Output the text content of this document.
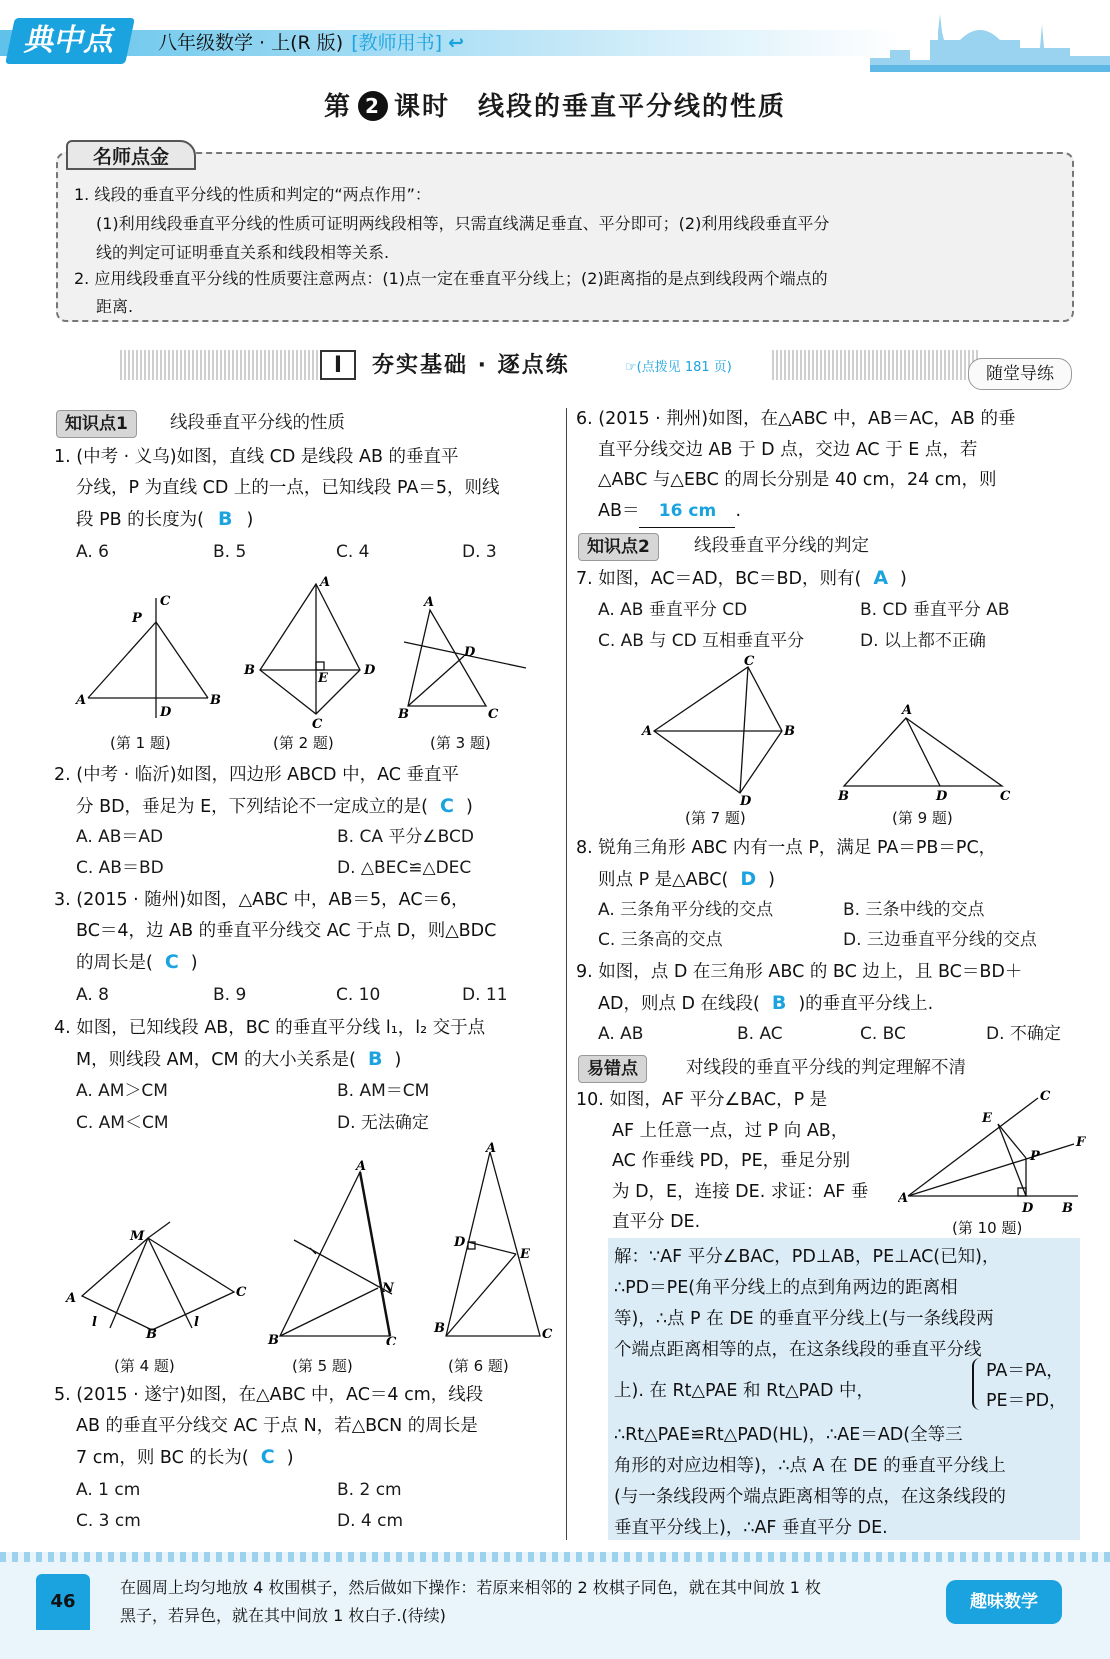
典中点	八年级数学 · 上(R 版) [教师用书] ↩
第 2 课时　线段的垂直平分线的性质
名师点金
1. 线段的垂直平分线的性质和判定的“两点作用”：
(1)利用线段垂直平分线的性质可证明两线段相等，只需直线满足垂直、平分即可；(2)利用线段垂直平分
线的判定可证明垂直关系和线段相等关系.
2. 应用线段垂直平分线的性质要注意两点：(1)点一定在垂直平分线上；(2)距离指的是点到线段两个端点的
距离.
I	夯实基础 · 逐点练	☞(点拨见 181 页)	随堂导练
知识点1	线段垂直平分线的性质
1. (中考 · 义乌)如图，直线 CD 是线段 AB 的垂直平
分线，P 为直线 CD 上的一点，已知线段 PA＝5，则线
段 PB 的长度为( B )
A. 6	B. 5	C. 4	D. 3
C
P
A	B
D
A
B	D
E
C
A
D
B	C
(第 1 题)	(第 2 题)	(第 3 题)
2. (中考 · 临沂)如图，四边形 ABCD 中，AC 垂直平
分 BD，垂足为 E，下列结论不一定成立的是( C )
A. AB＝AD	B. CA 平分∠BCD
C. AB＝BD	D. △BEC≌△DEC
3. (2015 · 随州)如图，△ABC 中，AB＝5，AC＝6，
BC＝4，边 AB 的垂直平分线交 AC 于点 D，则△BDC
的周长是( C )
A. 8	B. 9	C. 10	D. 11
4. 如图，已知线段 AB，BC 的垂直平分线 l₁，l₂ 交于点
M，则线段 AM，CM 的大小关系是( B )
A. AM＞CM	B. AM＝CM
C. AM＜CM	D. 无法确定
M
A
B
C
l	l
A
B	C
N
A
D
E
B	C
(第 4 题)	(第 5 题)	(第 6 题)
5. (2015 · 遂宁)如图，在△ABC 中，AC＝4 cm，线段
AB 的垂直平分线交 AC 于点 N，若△BCN 的周长是
7 cm，则 BC 的长为( C )
A. 1 cm	B. 2 cm
C. 3 cm	D. 4 cm
6. (2015 · 荆州)如图，在△ABC 中，AB＝AC，AB 的垂
直平分线交边 AB 于 D 点，交边 AC 于 E 点，若
△ABC 与△EBC 的周长分别是 40 cm，24 cm，则
AB＝ 16 cm .
知识点2	线段垂直平分线的判定
7. 如图，AC＝AD，BC＝BD，则有( A )
A. AB 垂直平分 CD	B. CD 垂直平分 AB
C. AB 与 CD 互相垂直平分	D. 以上都不正确
C
A	B
D
A
B	D	C
(第 7 题)	(第 9 题)
8. 锐角三角形 ABC 内有一点 P，满足 PA＝PB＝PC，
则点 P 是△ABC( D )
A. 三条角平分线的交点	B. 三条中线的交点
C. 三条高的交点	D. 三边垂直平分线的交点
9. 如图，点 D 在三角形 ABC 的 BC 边上，且 BC＝BD＋
AD，则点 D 在线段( B )的垂直平分线上.
A. AB	B. AC	C. BC	D. 不确定
易错点	对线段的垂直平分线的判定理解不清
10. 如图，AF 平分∠BAC，P 是
AF 上任意一点，过 P 向 AB，
AC 作垂线 PD，PE，垂足分别
为 D，E，连接 DE. 求证：AF 垂
直平分 DE.
A
B
D
C
E
F
P
(第 10 题)
解：∵AF 平分∠BAC，PD⊥AB，PE⊥AC(已知)，
∴PD＝PE(角平分线上的点到角两边的距离相
等)，∴点 P 在 DE 的垂直平分线上(与一条线段两
个端点距离相等的点，在这条线段的垂直平分线
上). 在 Rt△PAE 和 Rt△PAD 中，
PA＝PA，
PE＝PD，
∴Rt△PAE≌Rt△PAD(HL)，∴AE＝AD(全等三
角形的对应边相等)，∴点 A 在 DE 的垂直平分线上
(与一条线段两个端点距离相等的点，在这条线段的
垂直平分线上)，∴AF 垂直平分 DE.
46
在圆周上均匀地放 4 枚围棋子，然后做如下操作：若原来相邻的 2 枚棋子同色，就在其中间放 1 枚
黑子，若异色，就在其中间放 1 枚白子.(待续)
趣味数学
